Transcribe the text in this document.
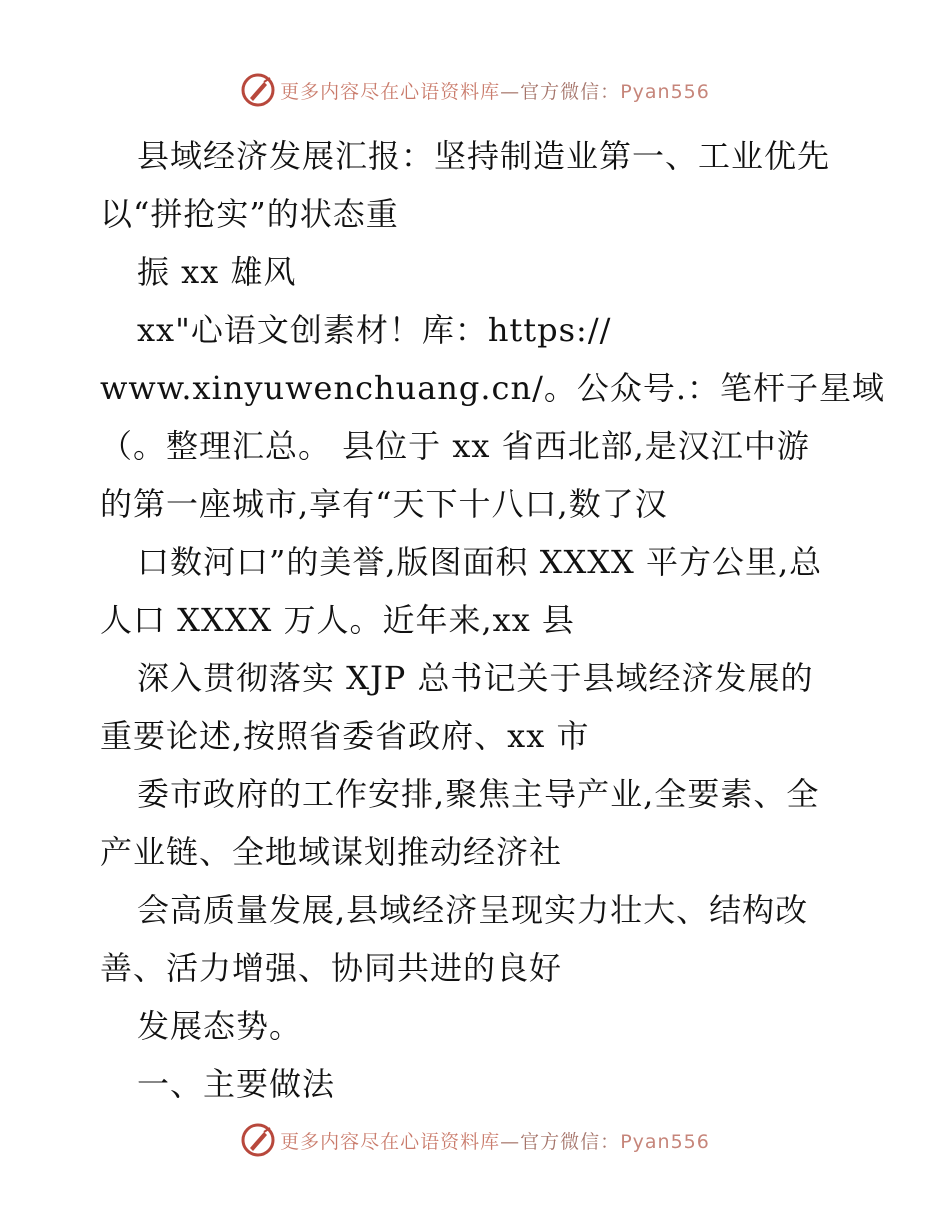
更多内容尽在心语资料库—官方微信：Pyan556
县域经济发展汇报：坚持制造业第一、工业优先
以“拼抢实”的状态重
振 xx 雄风
xx"心语文创素材！库：https://
www.xinyuwenchuang.cn/。公众号.：笔杆子星域
（。整理汇总。 县位于 xx 省西北部,是汉江中游
的第一座城市,享有“天下十八口,数了汉
口数河口”的美誉,版图面积 XXXX 平方公里,总
人口 XXXX 万人。近年来,xx 县
深入贯彻落实 XJP 总书记关于县域经济发展的
重要论述,按照省委省政府、xx 市
委市政府的工作安排,聚焦主导产业,全要素、全
产业链、全地域谋划推动经济社
会高质量发展,县域经济呈现实力壮大、结构改
善、活力增强、协同共进的良好
发展态势。
一、主要做法
更多内容尽在心语资料库—官方微信：Pyan556
